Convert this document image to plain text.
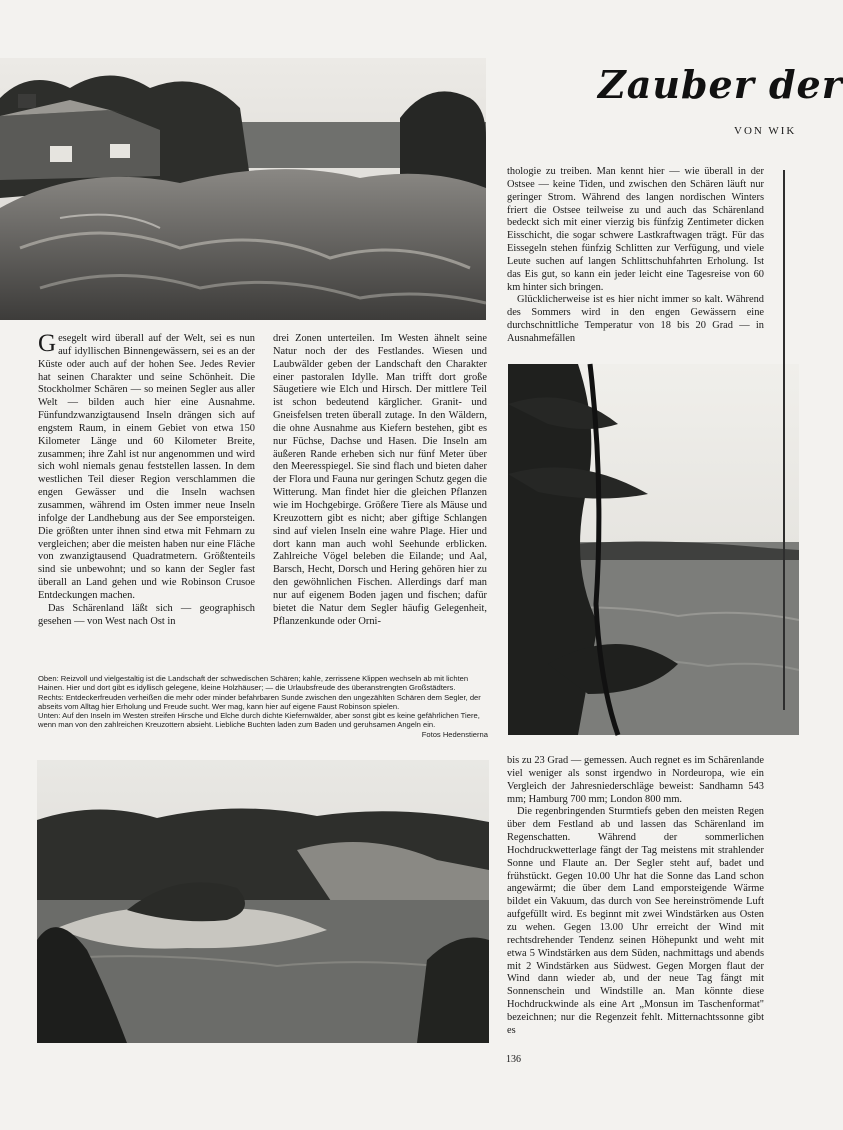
Zauber der
VON WIK

Gesegelt wird überall auf der Welt, sei es nun auf idyllischen Binnengewässern, sei es an der Küste oder auch auf der hohen See. Jedes Revier hat seinen Charakter und seine Schönheit. Die Stockholmer Schären — so meinen Segler aus aller Welt — bilden auch hier eine Ausnahme. Fünfundzwanzigtausend Inseln drängen sich auf engstem Raum, in einem Gebiet von etwa 150 Kilometer Länge und 60 Kilometer Breite, zusammen; ihre Zahl ist nur angenommen und wird sich wohl niemals genau feststellen lassen. In dem westlichen Teil dieser Region verschlammen die engen Gewässer und die Inseln wachsen zusammen, während im Osten immer neue Inseln infolge der Landhebung aus der See emporsteigen. Die größten unter ihnen sind etwa mit Fehmarn zu vergleichen; aber die meisten haben nur eine Fläche von zwanzigtausend Quadratmetern. Größtenteils sind sie unbewohnt; und so kann der Segler fast überall an Land gehen und wie Robinson Crusoe Entdeckungen machen.

Das Schärenland läßt sich — geographisch gesehen — von West nach Ost in

drei Zonen unterteilen. Im Westen ähnelt seine Natur noch der des Festlandes. Wiesen und Laubwälder geben der Landschaft den Charakter einer pastoralen Idylle. Man trifft dort große Säugetiere wie Elch und Hirsch. Der mittlere Teil ist schon bedeutend kärglicher. Granit- und Gneisfelsen treten überall zutage. In den Wäldern, die ohne Ausnahme aus Kiefern bestehen, gibt es nur Füchse, Dachse und Hasen. Die Inseln am äußeren Rande erheben sich nur fünf Meter über den Meeresspiegel. Sie sind flach und bieten daher der Flora und Fauna nur geringen Schutz gegen die Witterung. Man findet hier die gleichen Pflanzen wie im Hochgebirge. Größere Tiere als Mäuse und Kreuzottern gibt es nicht; aber giftige Schlangen sind auf vielen Inseln eine wahre Plage. Hier und dort kann man auch wohl Seehunde erblicken. Zahlreiche Vögel beleben die Eilande; und Aal, Barsch, Hecht, Dorsch und Hering gehören hier zu den gewöhnlichen Fischen. Allerdings darf man nur auf eigenem Boden jagen und fischen; dafür bietet die Natur dem Segler häufig Gelegenheit, Pflanzenkunde oder Orni-

thologie zu treiben. Man kennt hier — wie überall in der Ostsee — keine Tiden, und zwischen den Schären läuft nur geringer Strom. Während des langen nordischen Winters friert die Ostsee teilweise zu und auch das Schärenland bedeckt sich mit einer vierzig bis fünfzig Zentimeter dicken Eisschicht, die sogar schwere Lastkraftwagen trägt. Für das Eissegeln stehen fünfzig Schlitten zur Verfügung, und viele Leute suchen auf langen Schlittschuhfahrten Erholung. Ist das Eis gut, so kann ein jeder leicht eine Tagesreise von 60 km hinter sich bringen.

Glücklicherweise ist es hier nicht immer so kalt. Während des Sommers wird in den engen Gewässern eine durchschnittliche Temperatur von 18 bis 20 Grad — in Ausnahmefällen

Oben: Reizvoll und vielgestaltig ist die Landschaft der schwedischen Schären; kahle, zerrissene Klippen wechseln ab mit lichten Hainen. Hier und dort gibt es idyllisch gelegene, kleine Holzhäuser; — die Urlaubsfreude des überanstrengten Großstädters.

Rechts: Entdeckerfreuden verheißen die mehr oder minder befahrbaren Sunde zwischen den ungezählten Schären dem Segler, der abseits vom Alltag hier Erholung und Freude sucht. Wer mag, kann hier auf eigene Faust Robinson spielen.

Unten: Auf den Inseln im Westen streifen Hirsche und Elche durch dichte Kiefernwälder, aber sonst gibt es keine gefährlichen Tiere, wenn man von den zahlreichen Kreuzottern absieht. Liebliche Buchten laden zum Baden und geruhsamen Angeln ein.

Fotos Hedenstierna

bis zu 23 Grad — gemessen. Auch regnet es im Schärenlande viel weniger als sonst irgendwo in Nordeuropa, wie ein Vergleich der Jahresniederschläge beweist: Sandhamn 543 mm; Hamburg 700 mm; London 800 mm.

Die regenbringenden Sturmtiefs geben den meisten Regen über dem Festland ab und lassen das Schärenland im Regenschatten. Während der sommerlichen Hochdruckwetterlage fängt der Tag meistens mit strahlender Sonne und Flaute an. Der Segler steht auf, badet und frühstückt. Gegen 10.00 Uhr hat die Sonne das Land schon angewärmt; die über dem Land emporsteigende Wärme bildet ein Vakuum, das durch von See hereinströmende Luft aufgefüllt wird. Es beginnt mit zwei Windstärken aus Osten zu wehen. Gegen 13.00 Uhr erreicht der Wind mit rechtsdrehender Tendenz seinen Höhepunkt und weht mit etwa 5 Windstärken aus dem Süden, nachmittags und abends mit 2 Windstärken aus Südwest. Gegen Morgen flaut der Wind dann wieder ab, und der neue Tag fängt mit Sonnenschein und Windstille an. Man könnte diese Hochdruckwinde als eine Art „Monsun im Taschenformat" bezeichnen; nur die Regenzeit fehlt. Mitternachtssonne gibt es

136
